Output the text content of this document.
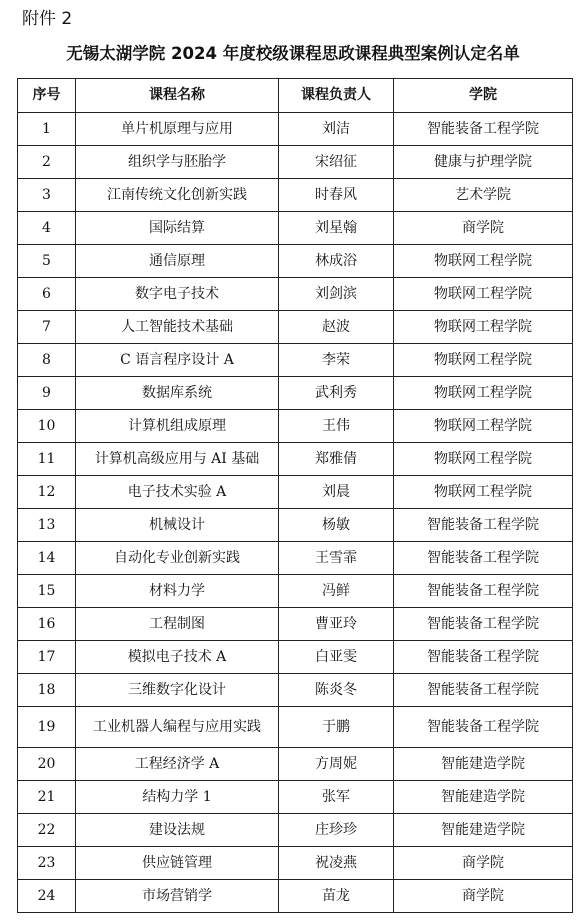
附件 2
无锡太湖学院 2024 年度校级课程思政课程典型案例认定名单
序号	课程名称	课程负责人	学院
1	单片机原理与应用	刘洁	智能装备工程学院
2	组织学与胚胎学	宋绍征	健康与护理学院
3	江南传统文化创新实践	时春风	艺术学院
4	国际结算	刘星翰	商学院
5	通信原理	林成浴	物联网工程学院
6	数字电子技术	刘剑滨	物联网工程学院
7	人工智能技术基础	赵波	物联网工程学院
8	C 语言程序设计 A	李荣	物联网工程学院
9	数据库系统	武利秀	物联网工程学院
10	计算机组成原理	王伟	物联网工程学院
11	计算机高级应用与 AI 基础	郑雅倩	物联网工程学院
12	电子技术实验 A	刘晨	物联网工程学院
13	机械设计	杨敏	智能装备工程学院
14	自动化专业创新实践	王雪霏	智能装备工程学院
15	材料力学	冯鲜	智能装备工程学院
16	工程制图	曹亚玲	智能装备工程学院
17	模拟电子技术 A	白亚雯	智能装备工程学院
18	三维数字化设计	陈炎冬	智能装备工程学院
19	工业机器人编程与应用实践	于鹏	智能装备工程学院
20	工程经济学 A	方周妮	智能建造学院
21	结构力学 1	张军	智能建造学院
22	建设法规	庄珍珍	智能建造学院
23	供应链管理	祝凌燕	商学院
24	市场营销学	苗龙	商学院
